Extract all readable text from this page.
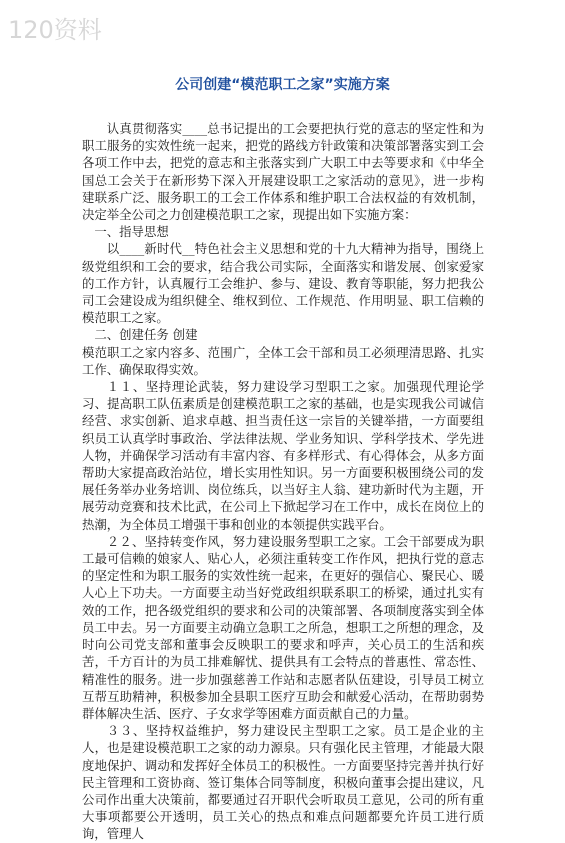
120资料
公司创建“模范职工之家”实施方案

认真贯彻落实____总书记提出的工会要把执行党的意志的坚定性和为职工服务的实效性统一起来，把党的路线方针政策和决策部署落实到工会各项工作中去，把党的意志和主张落实到广大职工中去等要求和《中华全国总工会关于在新形势下深入开展建设职工之家活动的意见》，进一步构建联系广泛、服务职工的工会工作体系和维护职工合法权益的有效机制，决定举全公司之力创建模范职工之家，现提出如下实施方案：

一、指导思想

以____新时代__特色社会主义思想和党的十九大精神为指导，围绕上级党组织和工会的要求，结合我公司实际，全面落实和谐发展、创家爱家的工作方针，认真履行工会维护、参与、建设、教育等职能，努力把我公司工会建设成为组织健全、维权到位、工作规范、作用明显、职工信赖的模范职工之家。

二、创建任务 创建

模范职工之家内容多、范围广，全体工会干部和员工必须理清思路、扎实工作、确保取得实效。

１１、坚持理论武装，努力建设学习型职工之家。加强现代理论学习、提高职工队伍素质是创建模范职工之家的基础，也是实现我公司诚信经营、求实创新、追求卓越、担当责任这一宗旨的关键举措，一方面要组织员工认真学时事政治、学法律法规、学业务知识、学科学技术、学先进人物，并确保学习活动有丰富内容、有多样形式、有心得体会，从多方面帮助大家提高政治站位，增长实用性知识。另一方面要积极围绕公司的发展任务举办业务培训、岗位练兵，以当好主人翁、建功新时代为主题，开展劳动竞赛和技术比武，在公司上下掀起学习在工作中，成长在岗位上的热潮，为全体员工增强干事和创业的本领提供实践平台。

２２、坚持转变作风，努力建设服务型职工之家。工会干部要成为职工最可信赖的娘家人、贴心人，必须注重转变工作作风，把执行党的意志的坚定性和为职工服务的实效性统一起来，在更好的强信心、聚民心、暖人心上下功夫。一方面要主动当好党政组织联系职工的桥梁，通过扎实有效的工作，把各级党组织的要求和公司的决策部署、各项制度落实到全体员工中去。另一方面要主动确立急职工之所急，想职工之所想的理念，及时向公司党支部和董事会反映职工的要求和呼声，关心员工的生活和疾苦，千方百计的为员工排难解忧、提供具有工会特点的普惠性、常态性、精准性的服务。进一步加强慈善工作站和志愿者队伍建设，引导员工树立互帮互助精神，积极参加全县职工医疗互助会和献爱心活动，在帮助弱势群体解决生活、医疗、子女求学等困难方面贡献自己的力量。

３３、坚持权益维护，努力建设民主型职工之家。员工是企业的主人，也是建设模范职工之家的动力源泉。只有强化民主管理，才能最大限度地保护、调动和发挥好全体员工的积极性。一方面要坚持完善并执行好民主管理和工资协商、签订集体合同等制度，积极向董事会提出建议，凡公司作出重大决策前，都要通过召开职代会听取员工意见，公司的所有重大事项都要公开透明，员工关心的热点和难点问题都要允许员工进行质询，管理人
